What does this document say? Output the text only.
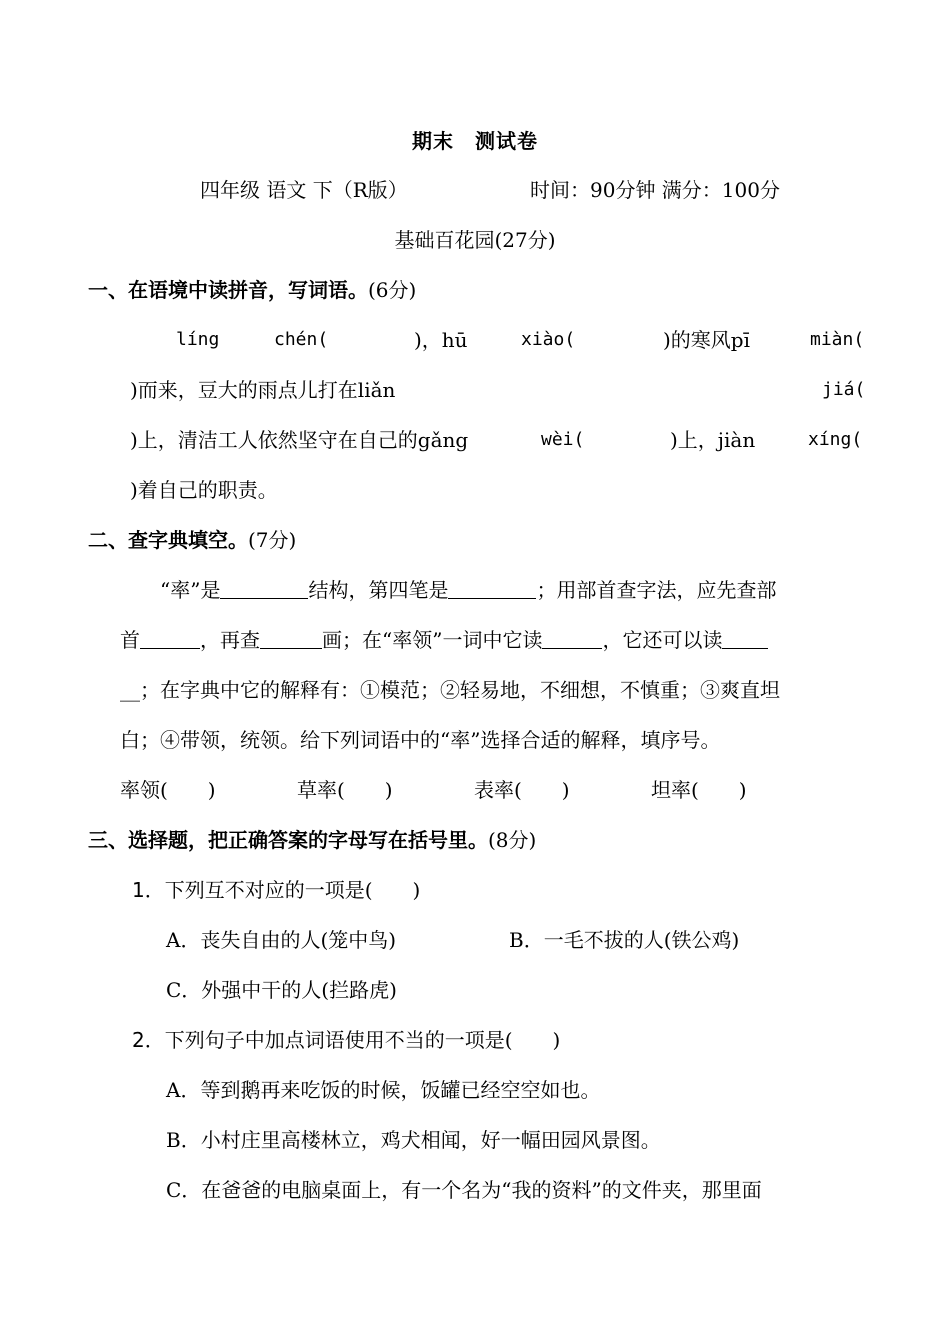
期末　测试卷
四年级 语文 下（R版）	时间：90分钟 满分：100分
基础百花园(27分)
一、在语境中读拼音，写词语。(6分)
líng	chén(	)，hū	xiào(	)的寒风pī	miàn(
)而来，豆大的雨点儿打在liǎn	jiá(
)上，清洁工人依然坚守在自己的gǎng	wèi(	)上，jiàn	xíng(
)着自己的职责。
二、查字典填空。(7分)
“率”是	结构，第四笔是	；用部首查字法，应先查部
首	，再查	画；在“率领”一词中它读	，它还可以读
__；在字典中它的解释有：①模范；②轻易地，不细想，不慎重；③爽直坦
白；④带领，统领。给下列词语中的“率”选择合适的解释，填序号。
率领(　　)	草率(　　)	表率(　　)	坦率(　　)
三、选择题，把正确答案的字母写在括号里。(8分)
1．下列互不对应的一项是(　　)
A．丧失自由的人(笼中鸟)	B．一毛不拔的人(铁公鸡)
C．外强中干的人(拦路虎)
2．下列句子中加点词语使用不当的一项是(　　)
A．等到鹅再来吃饭的时候，饭罐已经空空如也。
B．小村庄里高楼林立，鸡犬相闻，好一幅田园风景图。
C．在爸爸的电脑桌面上，有一个名为“我的资料”的文件夹，那里面
